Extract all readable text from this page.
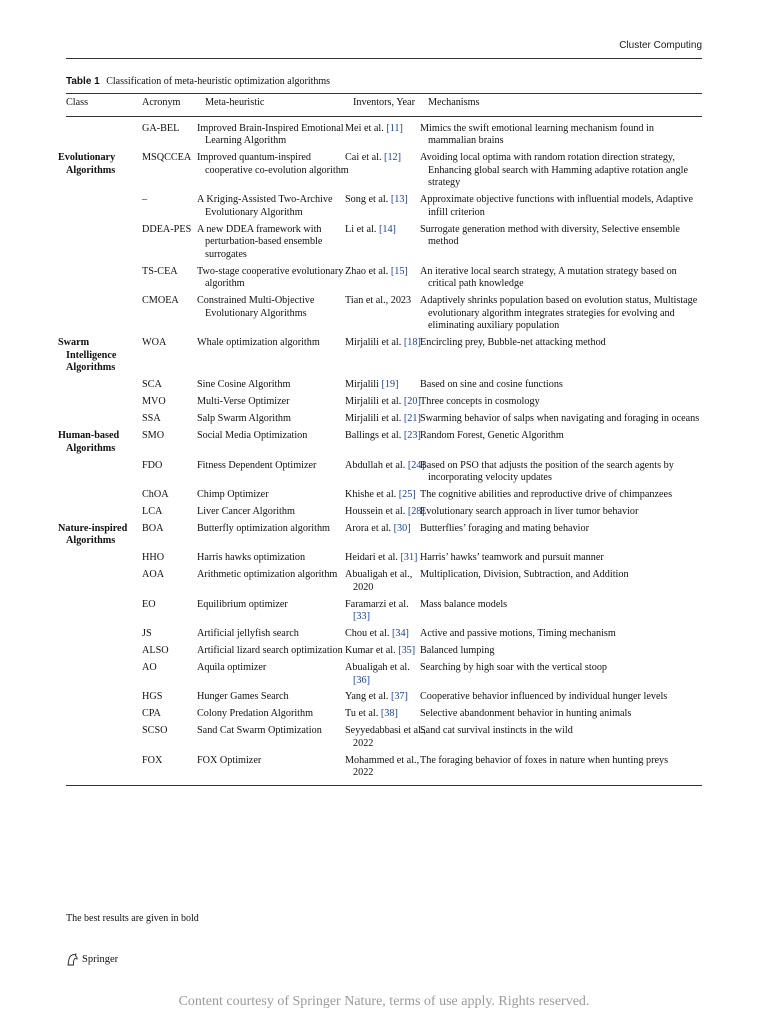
Cluster Computing
Table 1 Classification of meta-heuristic optimization algorithms
Class	Acronym	Meta-heuristic	Inventors, Year	Mechanisms
	GA-BEL	Improved Brain-Inspired Emotional Learning Algorithm	Mei et al. [11]	Mimics the swift emotional learning mechanism found in mammalian brains
Evolutionary Algorithms	MSQCCEA	Improved quantum-inspired cooperative co-evolution algorithm	Cai et al. [12]	Avoiding local optima with random rotation direction strategy, Enhancing global search with Hamming adaptive rotation angle strategy
	–	A Kriging-Assisted Two-Archive Evolutionary Algorithm	Song et al. [13]	Approximate objective functions with influential models, Adaptive infill criterion
	DDEA-PES	A new DDEA framework with perturbation-based ensemble surrogates	Li et al. [14]	Surrogate generation method with diversity, Selective ensemble method
	TS-CEA	Two-stage cooperative evolutionary algorithm	Zhao et al. [15]	An iterative local search strategy, A mutation strategy based on critical path knowledge
	CMOEA	Constrained Multi-Objective Evolutionary Algorithms	Tian et al., 2023	Adaptively shrinks population based on evolution status, Multistage evolutionary algorithm integrates strategies for evolving and eliminating auxiliary population
Swarm Intelligence Algorithms	WOA	Whale optimization algorithm	Mirjalili et al. [18]	Encircling prey, Bubble-net attacking method
	SCA	Sine Cosine Algorithm	Mirjalili [19]	Based on sine and cosine functions
	MVO	Multi-Verse Optimizer	Mirjalili et al. [20]	Three concepts in cosmology
	SSA	Salp Swarm Algorithm	Mirjalili et al. [21]	Swarming behavior of salps when navigating and foraging in oceans
Human-based Algorithms	SMO	Social Media Optimization	Ballings et al. [23]	Random Forest, Genetic Algorithm
	FDO	Fitness Dependent Optimizer	Abdullah et al. [24]	Based on PSO that adjusts the position of the search agents by incorporating velocity updates
	ChOA	Chimp Optimizer	Khishe et al. [25]	The cognitive abilities and reproductive drive of chimpanzees
	LCA	Liver Cancer Algorithm	Houssein et al. [28]	Evolutionary search approach in liver tumor behavior
Nature-inspired Algorithms	BOA	Butterfly optimization algorithm	Arora et al. [30]	Butterflies’ foraging and mating behavior
	HHO	Harris hawks optimization	Heidari et al. [31]	Harris’ hawks’ teamwork and pursuit manner
	AOA	Arithmetic optimization algorithm	Abualigah et al., 2020	Multiplication, Division, Subtraction, and Addition
	EO	Equilibrium optimizer	Faramarzi et al. [33]	Mass balance models
	JS	Artificial jellyfish search	Chou et al. [34]	Active and passive motions, Timing mechanism
	ALSO	Artificial lizard search optimization	Kumar et al. [35]	Balanced lumping
	AO	Aquila optimizer	Abualigah et al. [36]	Searching by high soar with the vertical stoop
	HGS	Hunger Games Search	Yang et al. [37]	Cooperative behavior influenced by individual hunger levels
	CPA	Colony Predation Algorithm	Tu et al. [38]	Selective abandonment behavior in hunting animals
	SCSO	Sand Cat Swarm Optimization	Seyyedabbasi et al., 2022	Sand cat survival instincts in the wild
	FOX	FOX Optimizer	Mohammed et al., 2022	The foraging behavior of foxes in nature when hunting preys
The best results are given in bold
Springer
Content courtesy of Springer Nature, terms of use apply. Rights reserved.
